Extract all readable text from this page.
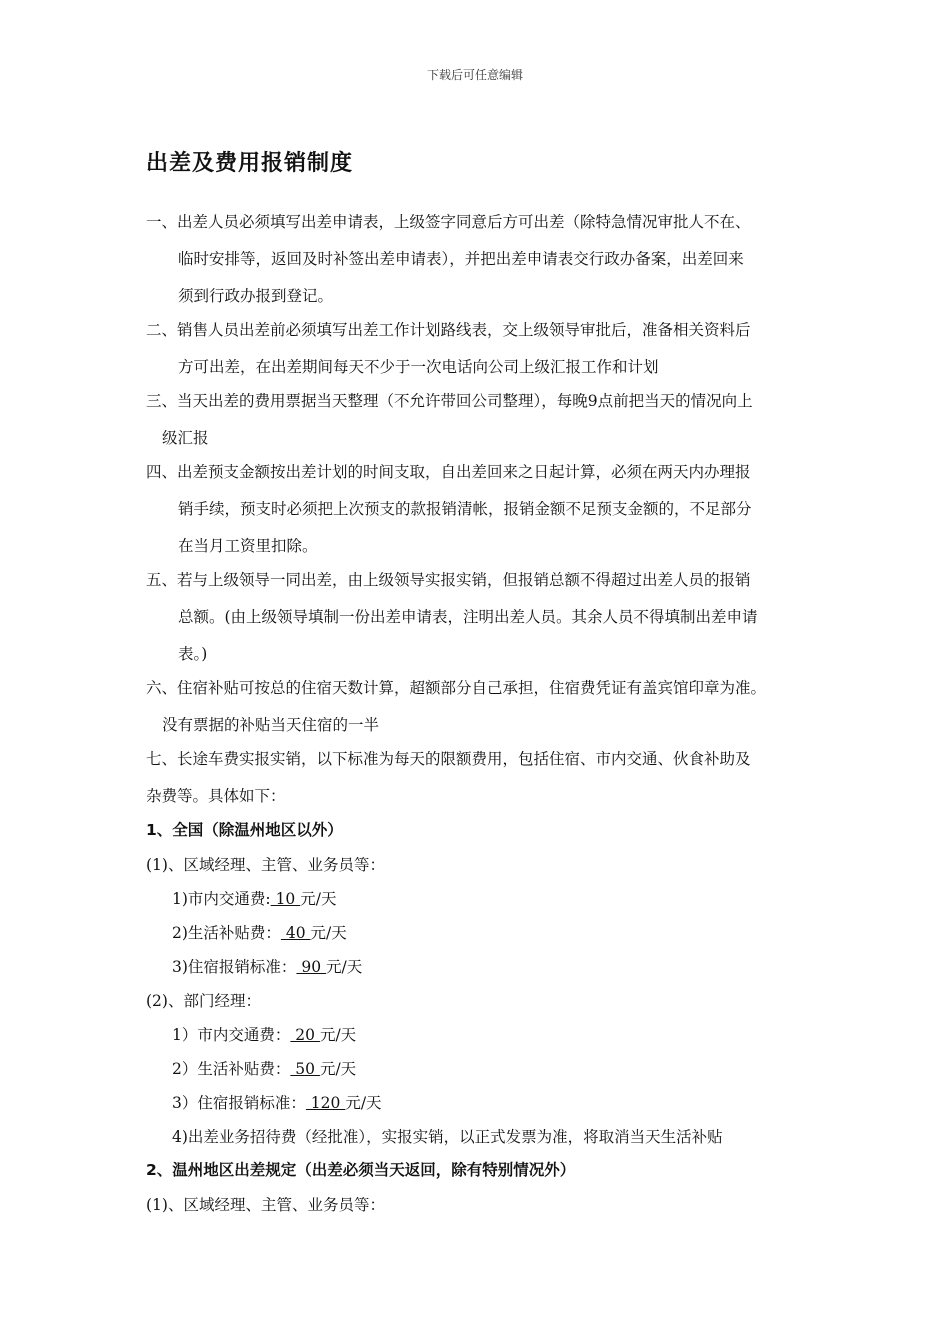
下载后可任意编辑
出差及费用报销制度
一、出差人员必须填写出差申请表，上级签字同意后方可出差（除特急情况审批人不在、
临时安排等，返回及时补签出差申请表），并把出差申请表交行政办备案，出差回来
须到行政办报到登记。
二、销售人员出差前必须填写出差工作计划路线表，交上级领导审批后，准备相关资料后
方可出差，在出差期间每天不少于一次电话向公司上级汇报工作和计划
三、当天出差的费用票据当天整理（不允许带回公司整理），每晚9点前把当天的情况向上
级汇报
四、出差预支金额按出差计划的时间支取，自出差回来之日起计算，必须在两天内办理报
销手续，预支时必须把上次预支的款报销清帐，报销金额不足预支金额的，不足部分
在当月工资里扣除。
五、若与上级领导一同出差，由上级领导实报实销，但报销总额不得超过出差人员的报销
总额。(由上级领导填制一份出差申请表，注明出差人员。其余人员不得填制出差申请
表。)
六、住宿补贴可按总的住宿天数计算，超额部分自己承担，住宿费凭证有盖宾馆印章为准。
没有票据的补贴当天住宿的一半
七、长途车费实报实销，以下标准为每天的限额费用，包括住宿、市内交通、伙食补助及
杂费等。具体如下：
1、全国（除温州地区以外）
(1)、区域经理、主管、业务员等：
1)市内交通费: 10 元/天
2)生活补贴费： 40 元/天
3)住宿报销标准： 90 元/天
(2)、部门经理：
1）市内交通费： 20 元/天
2）生活补贴费： 50 元/天
3）住宿报销标准： 120 元/天
4)出差业务招待费（经批准），实报实销，以正式发票为准，将取消当天生活补贴
2、温州地区出差规定（出差必须当天返回，除有特别情况外）
(1)、区域经理、主管、业务员等：
